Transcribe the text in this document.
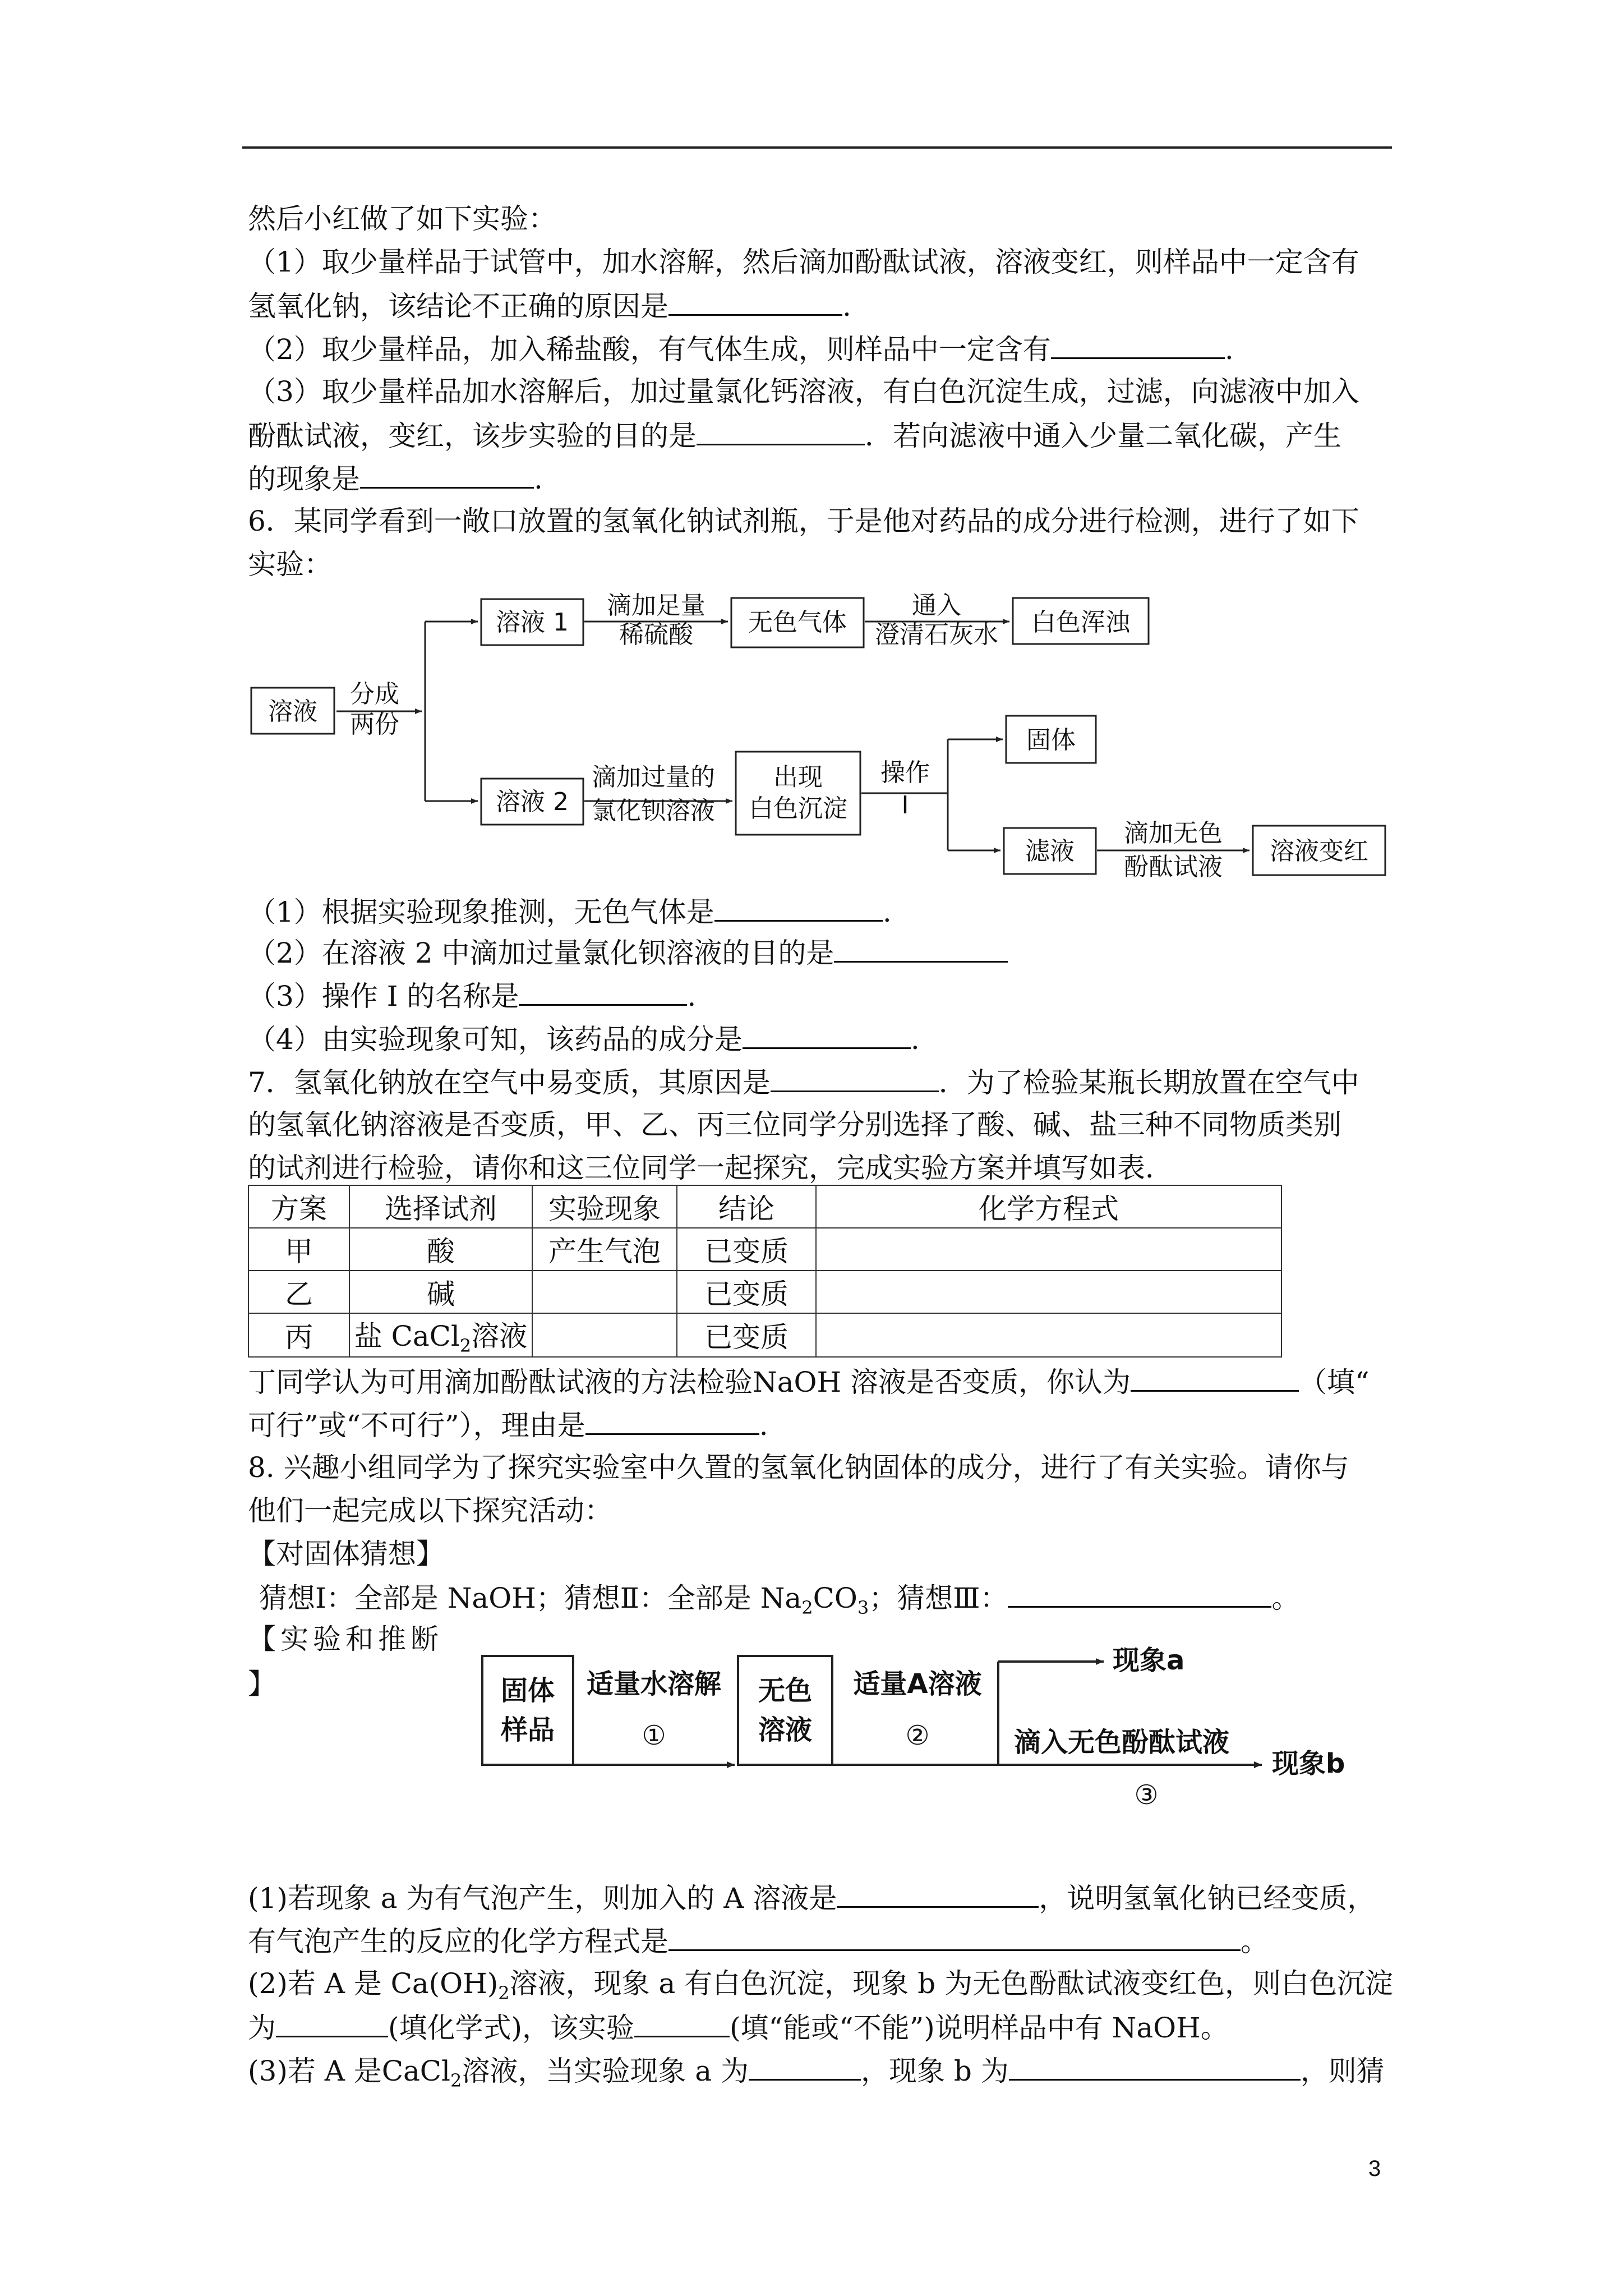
然后小红做了如下实验：
（1）取少量样品于试管中，加水溶解，然后滴加酚酞试液，溶液变红，则样品中一定含有
氢氧化钠，该结论不正确的原因是	.
（2）取少量样品，加入稀盐酸，有气体生成，则样品中一定含有	.
（3）取少量样品加水溶解后，加过量氯化钙溶液，有白色沉淀生成，过滤，向滤液中加入
酚酞试液，变红，该步实验的目的是	．若向滤液中通入少量二氧化碳，产生
的现象是	.
6．某同学看到一敞口放置的氢氧化钠试剂瓶，于是他对药品的成分进行检测，进行了如下
实验：
溶液
分成
两份
溶液 1
滴加足量
稀硫酸 无色气体
通入
澄清石灰水 白色浑浊
溶液 2
滴加过量的
氯化钡溶液
出现
白色沉淀
操作
I
固体
滤液
滴加无色
酚酞试液
溶液变红
（1）根据实验现象推测，无色气体是	.
（2）在溶液 2 中滴加过量氯化钡溶液的目的是
（3）操作 I 的名称是	.
（4）由实验现象可知，该药品的成分是	.
7．氢氧化钠放在空气中易变质，其原因是	．为了检验某瓶长期放置在空气中
的氢氧化钠溶液是否变质，甲、乙、丙三位同学分别选择了酸、碱、盐三种不同物质类别
的试剂进行检验，请你和这三位同学一起探究，完成实验方案并填写如表．
方案	选择试剂	实验现象	结论	化学方程式
甲	酸	产生气泡	已变质	
乙	碱		已变质	
丙	盐 CaCl$_2$溶液		已变质	
丁同学认为可用滴加酚酞试液的方法检验NaOH 溶液是否变质，你认为	（填“
可行”或“不可行”），理由是	.
8. 兴趣小组同学为了探究实验室中久置的氢氧化钠固体的成分，进行了有关实验。请你与
他们一起完成以下探究活动：
【对固体猜想】
猜想Ⅰ：全部是 NaOH；猜想Ⅱ：全部是 $Na_2CO_3$；猜想Ⅲ：	。
【实验和推断
】	固体
样品
适量水溶解
①
无色
溶液
适量A溶液
②
现象a
滴入无色酚酞试液
③
现象b
(1)若现象 a 为有气泡产生，则加入的 A 溶液是	，说明氢氧化钠已经变质，
有气泡产生的反应的化学方程式是	。
(2)若 A 是 $Ca(OH)_2$溶液，现象 a 有白色沉淀，现象 b 为无色酚酞试液变红色，则白色沉淀
为	(填化学式)，该实验	(填“能或“不能”)说明样品中有 NaOH。
(3)若 A 是CaCl$_2$溶液，当实验现象 a 为	，现象 b 为	，则猜
3
